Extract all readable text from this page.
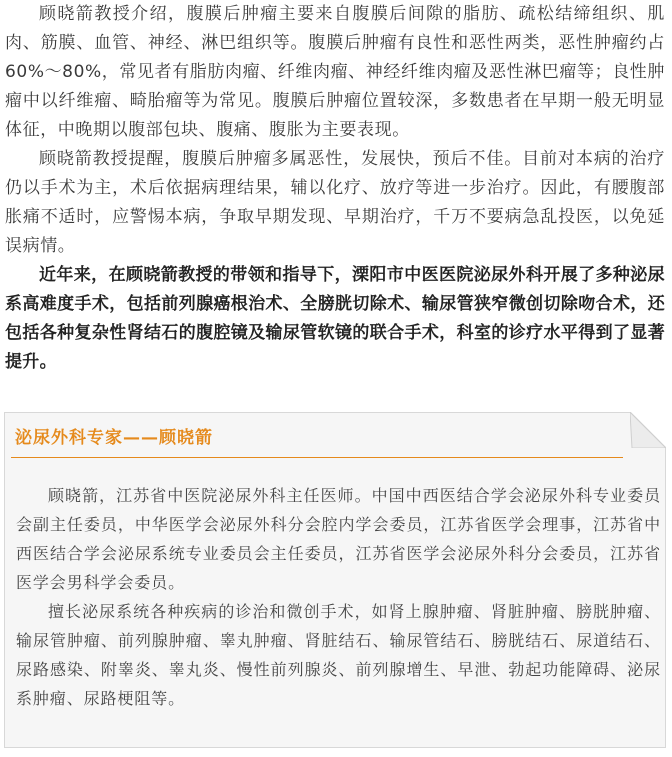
顾晓箭教授介绍，腹膜后肿瘤主要来自腹膜后间隙的脂肪、疏松结缔组织、肌肉、筋膜、血管、神经、淋巴组织等。腹膜后肿瘤有良性和恶性两类，恶性肿瘤约占60%～80%，常见者有脂肪肉瘤、纤维肉瘤、神经纤维肉瘤及恶性淋巴瘤等；良性肿瘤中以纤维瘤、畸胎瘤等为常见。腹膜后肿瘤位置较深，多数患者在早期一般无明显体征，中晚期以腹部包块、腹痛、腹胀为主要表现。

顾晓箭教授提醒，腹膜后肿瘤多属恶性，发展快，预后不佳。目前对本病的治疗仍以手术为主，术后依据病理结果，辅以化疗、放疗等进一步治疗。因此，有腰腹部胀痛不适时，应警惕本病，争取早期发现、早期治疗，千万不要病急乱投医，以免延误病情。

近年来，在顾晓箭教授的带领和指导下，溧阳市中医医院泌尿外科开展了多种泌尿系高难度手术，包括前列腺癌根治术、全膀胱切除术、输尿管狭窄微创切除吻合术，还包括各种复杂性肾结石的腹腔镜及输尿管软镜的联合手术，科室的诊疗水平得到了显著提升。

泌尿外科专家——顾晓箭

顾晓箭，江苏省中医院泌尿外科主任医师。中国中西医结合学会泌尿外科专业委员会副主任委员，中华医学会泌尿外科分会腔内学会委员，江苏省医学会理事，江苏省中西医结合学会泌尿系统专业委员会主任委员，江苏省医学会泌尿外科分会委员，江苏省医学会男科学会委员。

擅长泌尿系统各种疾病的诊治和微创手术，如肾上腺肿瘤、肾脏肿瘤、膀胱肿瘤、输尿管肿瘤、前列腺肿瘤、睾丸肿瘤、肾脏结石、输尿管结石、膀胱结石、尿道结石、尿路感染、附睾炎、睾丸炎、慢性前列腺炎、前列腺增生、早泄、勃起功能障碍、泌尿系肿瘤、尿路梗阻等。
